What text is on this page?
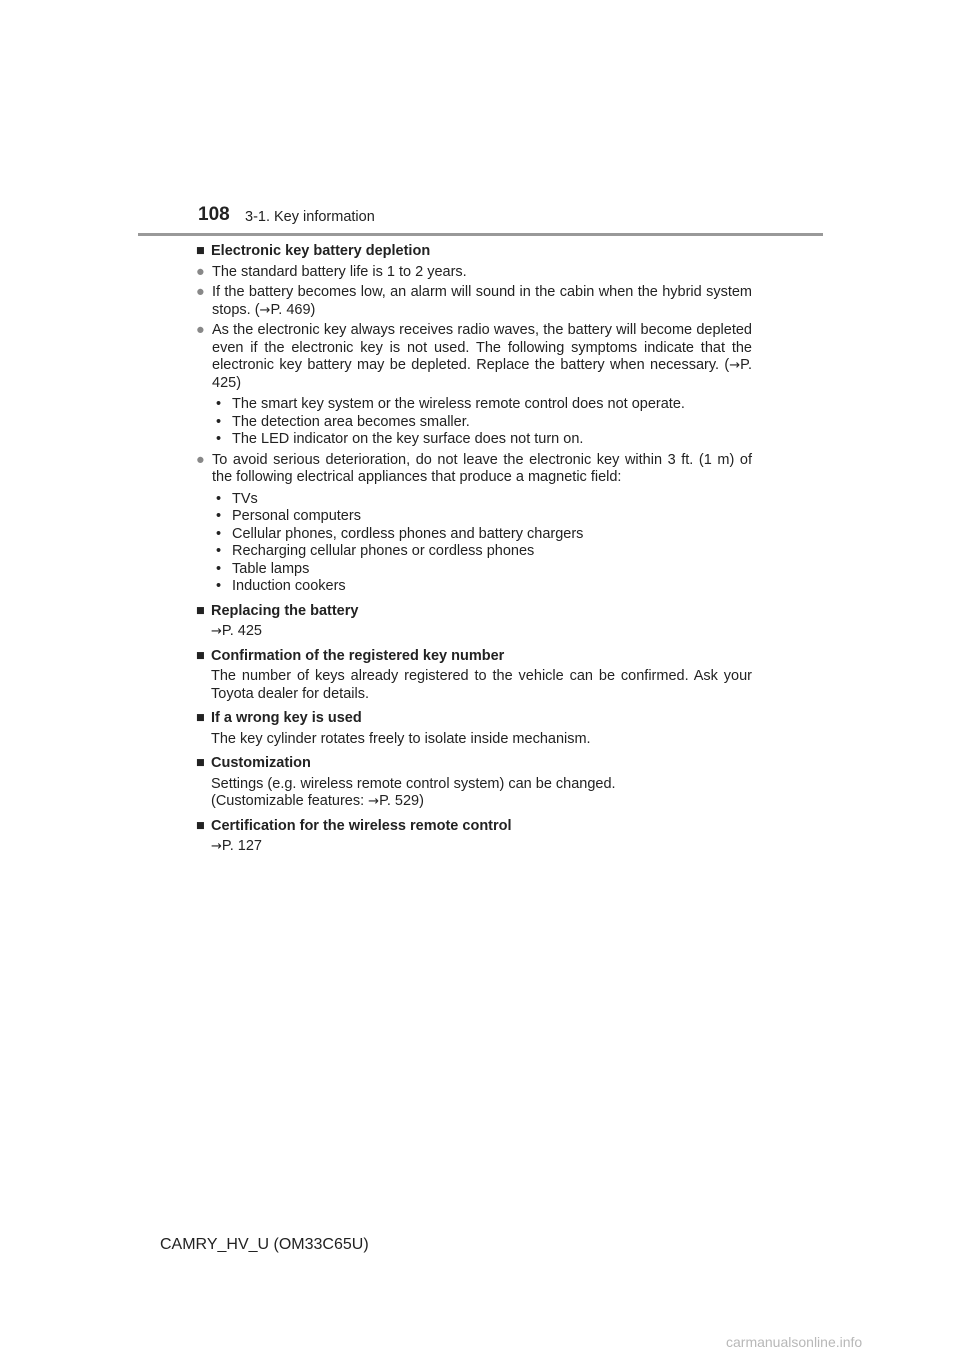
108 3-1. Key information
■ Electronic key battery depletion
● The standard battery life is 1 to 2 years.
● If the battery becomes low, an alarm will sound in the cabin when the hybrid system stops. (→P. 469)
● As the electronic key always receives radio waves, the battery will become depleted even if the electronic key is not used. The following symptoms indicate that the electronic key battery may be depleted. Replace the battery when necessary. (→P. 425)
• The smart key system or the wireless remote control does not operate.
• The detection area becomes smaller.
• The LED indicator on the key surface does not turn on.
● To avoid serious deterioration, do not leave the electronic key within 3 ft. (1 m) of the following electrical appliances that produce a magnetic field:
• TVs
• Personal computers
• Cellular phones, cordless phones and battery chargers
• Recharging cellular phones or cordless phones
• Table lamps
• Induction cookers
■ Replacing the battery
→P. 425
■ Confirmation of the registered key number
The number of keys already registered to the vehicle can be confirmed. Ask your Toyota dealer for details.
■ If a wrong key is used
The key cylinder rotates freely to isolate inside mechanism.
■ Customization
Settings (e.g. wireless remote control system) can be changed.
(Customizable features: →P. 529)
■ Certification for the wireless remote control
→P. 127
CAMRY_HV_U (OM33C65U)
carmanualsonline.info
